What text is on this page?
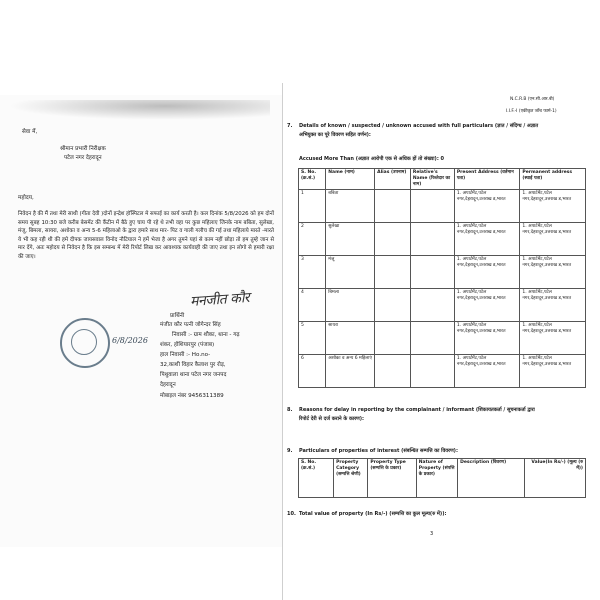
सेवा में,
श्रीमान प्रभारी निरीक्षक
पटेल नगर देहरादून
महोदय,
निवेदन है की मैं तथा मेरी साथी (गीता देवी )दोनों इन्द्रेश हॉस्पिटल मे सफाई का कार्य करती है। कल दिनांक 5/8/2026 को हम दोनों समय सुबह 10:30 बजे करीब बेसमेंट की कैंटीन में बैठे हुए चाय पी रहे थे तभी वहा पर कुछ महिलाए जिनके नाम बबिता, सुलेखा, मंजू, बिमला, सायरा, अशोका व अन्य 5-6 महिलाओ के द्वारा हमारे साथ मार- पिट व गाली गलौच की गई तथा महिलाये मारते -मारते ये भी कह रही थी की हमे दीपक जायसवाल विनोद नौटियाल ने हमें भेजा है अगर तुमने यहां से काम नहीं छोड़ा तो हम तुम्हे जान से मार देंगे, अतः महोदय से निवेदन है कि इस सम्बन्ध में मेरी रिपोर्ट लिख कर आवश्यक कार्यवाही की जाए तथा इन लोगो से हमारी रक्षा की जाए।
मनजीत कौर
प्रार्थिनी
मंजीत कौर पत्नी जोगेन्दर सिंह
निवासी :- ग्राम शौका, थाना - गढ़
शंकर, होशियारपुर (पंजाब)
हाल निवासी :- Ho.no-
32,काशी विहार कैलाश पुर रोड़,
पिथुवाला थाना पटेल नगर जनपद
देहरादून
मोबाइल नंबर 9456311389
6/8/2026
N.C.R.B (एन.सी.आर.बी)
I.I.F.-I (एकीकृत जाँच फार्म-1)
7. Details of known / suspected / unknown accused with full particulars (ज्ञात / संदिग्ध / अज्ञात
अभियुक्त का पूरे विवरण सहित वर्णन):
Accused More Than (अज्ञात आरोपी एक से अधिक हों तो संख्या): 0
S. No. (क्र.सं.)	Name (नाम)	Alias (उपनाम)	Relative's Name (रिश्तेदार का नाम)	Present Address (वर्तमान पता)	Permanent address (स्थाई पता)
1	बबिता			1. अपार्टमेंट,पटेल नगर,देहरादून,उत्तराख ड,भारत	1. अपार्टमेंट,पटेल नगर,देहरादून,उत्तराख ड,भारत
2	सुलेखा			1. अपार्टमेंट,पटेल नगर,देहरादून,उत्तराख ड,भारत	1. अपार्टमेंट,पटेल नगर,देहरादून,उत्तराख ड,भारत
3	मंजू			1. अपार्टमेंट,पटेल नगर,देहरादून,उत्तराख ड,भारत	1. अपार्टमेंट,पटेल नगर,देहरादून,उत्तराख ड,भारत
4	बिमला			1. अपार्टमेंट,पटेल नगर,देहरादून,उत्तराख ड,भारत	1. अपार्टमेंट,पटेल नगर,देहरादून,उत्तराख ड,भारत
5	सायरा			1. अपार्टमेंट,पटेल नगर,देहरादून,उत्तराख ड,भारत	1. अपार्टमेंट,पटेल नगर,देहरादून,उत्तराख ड,भारत
6	अशोका व अन्य 6 महिलाएं			1. अपार्टमेंट,पटेल नगर,देहरादून,उत्तराख ड,भारत	1. अपार्टमेंट,पटेल नगर,देहरादून,उत्तराख ड,भारत
8. Reasons for delay in reporting by the complainant / informant (शिकायतकर्ता / सूचनाकर्ता द्वारा
रिपोर्ट देरी से दर्ज कराने के कारण):
9. Particulars of properties of interest (संबन्धित सम्पत्ति का विवरण):
S. No. (क्र.सं.)	Property Category (सम्पत्ति श्रेणी)	Property Type (सम्पत्ति के प्रकार)	Nature of Property (संपत्ति के प्रकार)	Description (विवरण)	Value(In Rs/-) (मूल्य (रु में))
10. Total value of property (In Rs/-) (सम्पत्ति का कुल मूल्य(रु में)):
3
